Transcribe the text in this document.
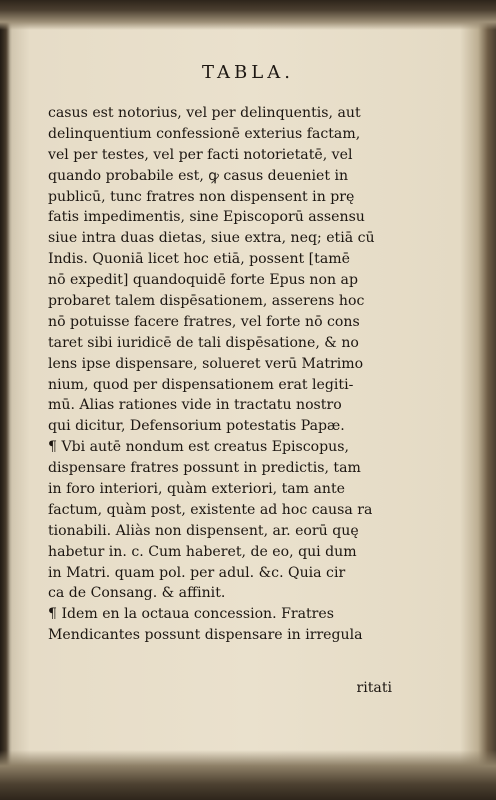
TABLA.
casus est notorius, vel per delinquentis, aut
delinquentium confessionē exterius factam,
vel per testes, vel per facti notorietatē, vel
quando probabile est, ꝙ casus deueniet in
publicū, tunc fratres non dispensent in prę
fatis impedimentis, sine Episcoporū assensu
siue intra duas dietas, siue extra, neq; etiā cū
Indis. Quoniā licet hoc etiā, possent [tamē
nō expedit] quandoquidē forte Epus non ap
probaret talem dispēsationem, asserens hoc
nō potuisse facere fratres, vel forte nō cons
taret sibi iuridicē de tali dispēsatione, & no
lens ipse dispensare, solueret verū Matrimo
nium, quod per dispensationem erat legiti-
mū. Alias rationes vide in tractatu nostro
qui dicitur, Defensorium potestatis Papæ.
¶ Vbi autē nondum est creatus Episcopus,
dispensare fratres possunt in predictis, tam
in foro interiori, quàm exteriori, tam ante
factum, quàm post, existente ad hoc causa ra
tionabili. Aliàs non dispensent, ar. eorū quę
habetur in. c. Cum haberet, de eo, qui dum
in Matri. quam pol. per adul. &c. Quia cir
ca de Consang. & affinit.
¶ Idem en la octaua concession. Fratres
Mendicantes possunt dispensare in irregula
ritati
